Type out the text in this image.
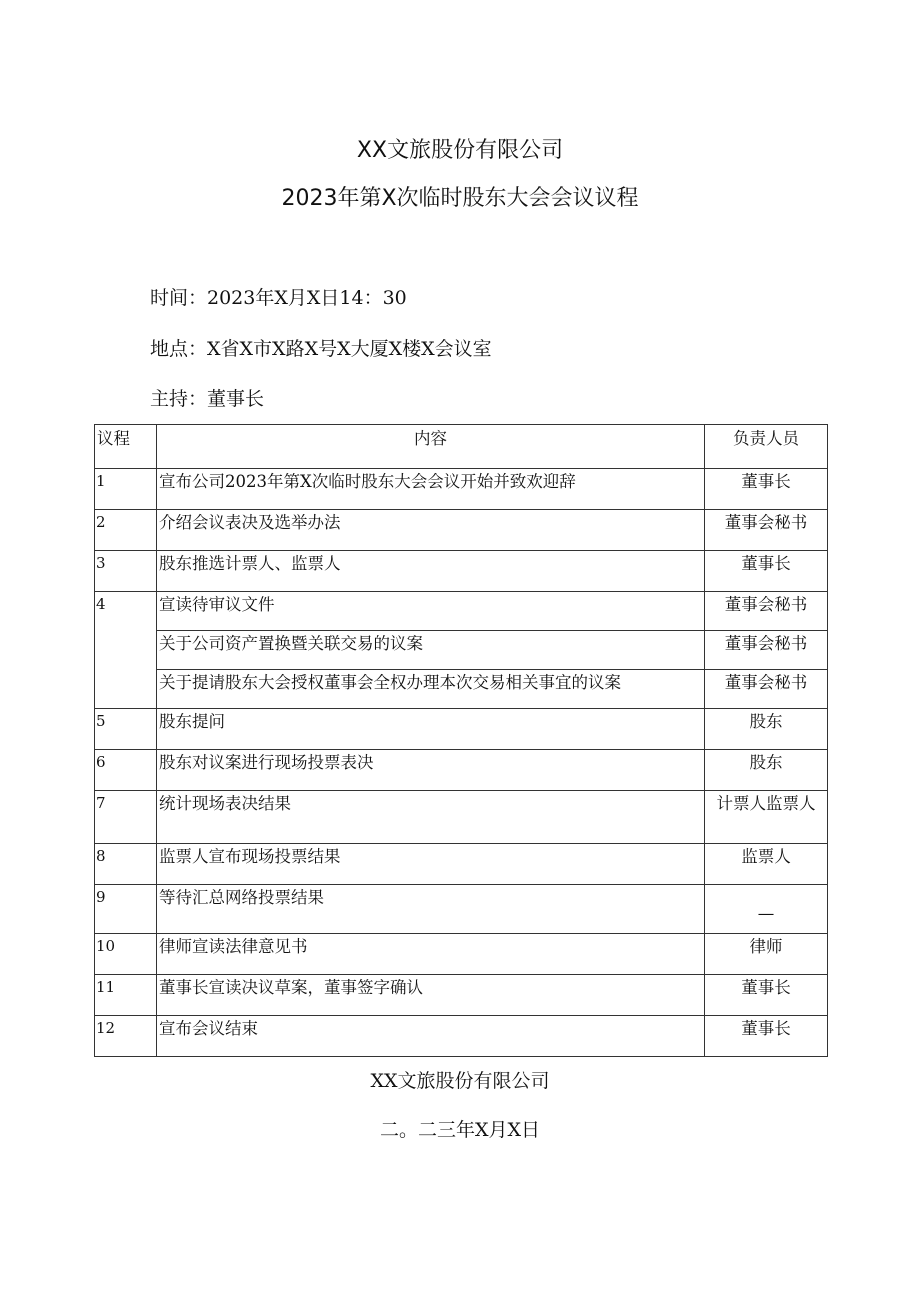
XX文旅股份有限公司
2023年第X次临时股东大会会议议程
时间：2023年X月X日14：30
地点：X省X市X路X号X大厦X楼X会议室
主持：董事长
议程	内容	负责人员
1	宣布公司2023年第X次临时股东大会会议开始并致欢迎辞	董事长
2	介绍会议表决及选举办法	董事会秘书
3	股东推选计票人、监票人	董事长
4	宣读待审议文件	董事会秘书
	关于公司资产置换暨关联交易的议案	董事会秘书
	关于提请股东大会授权董事会全权办理本次交易相关事宜的议案	董事会秘书
5	股东提问	股东
6	股东对议案进行现场投票表决	股东
7	统计现场表决结果	计票人监票人
8	监票人宣布现场投票结果	监票人
9	等待汇总网络投票结果	—
10	律师宣读法律意见书	律师
11	董事长宣读决议草案，董事签字确认	董事长
12	宣布会议结束	董事长
XX文旅股份有限公司
二。二三年X月X日
